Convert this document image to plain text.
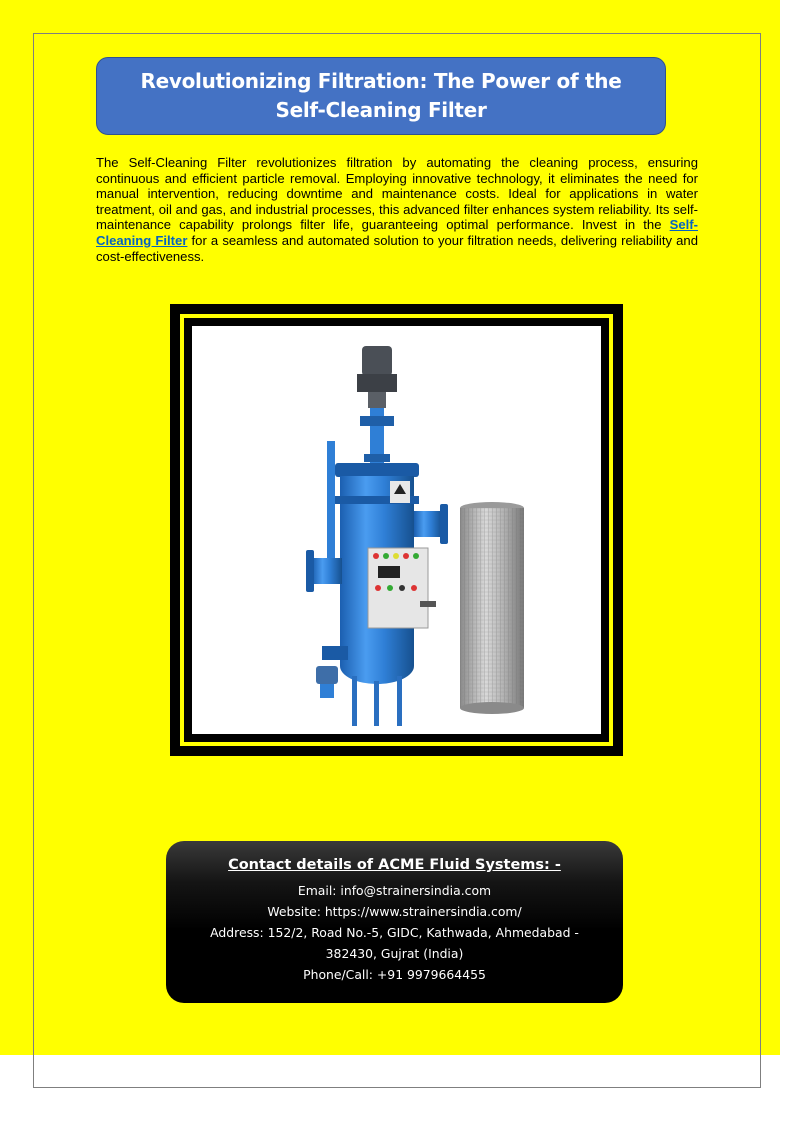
Revolutionizing Filtration: The Power of the Self-Cleaning Filter

The Self-Cleaning Filter revolutionizes filtration by automating the cleaning process, ensuring continuous and efficient particle removal. Employing innovative technology, it eliminates the need for manual intervention, reducing downtime and maintenance costs. Ideal for applications in water treatment, oil and gas, and industrial processes, this advanced filter enhances system reliability. Its self-maintenance capability prolongs filter life, guaranteeing optimal performance. Invest in the Self-Cleaning Filter for a seamless and automated solution to your filtration needs, delivering reliability and cost-effectiveness.

Contact details of ACME Fluid Systems: -

Email: info@strainersindia.com

Website: https://www.strainersindia.com/

Address: 152/2, Road No.-5, GIDC, Kathwada, Ahmedabad -

382430, Gujrat (India)

Phone/Call: +91 9979664455
